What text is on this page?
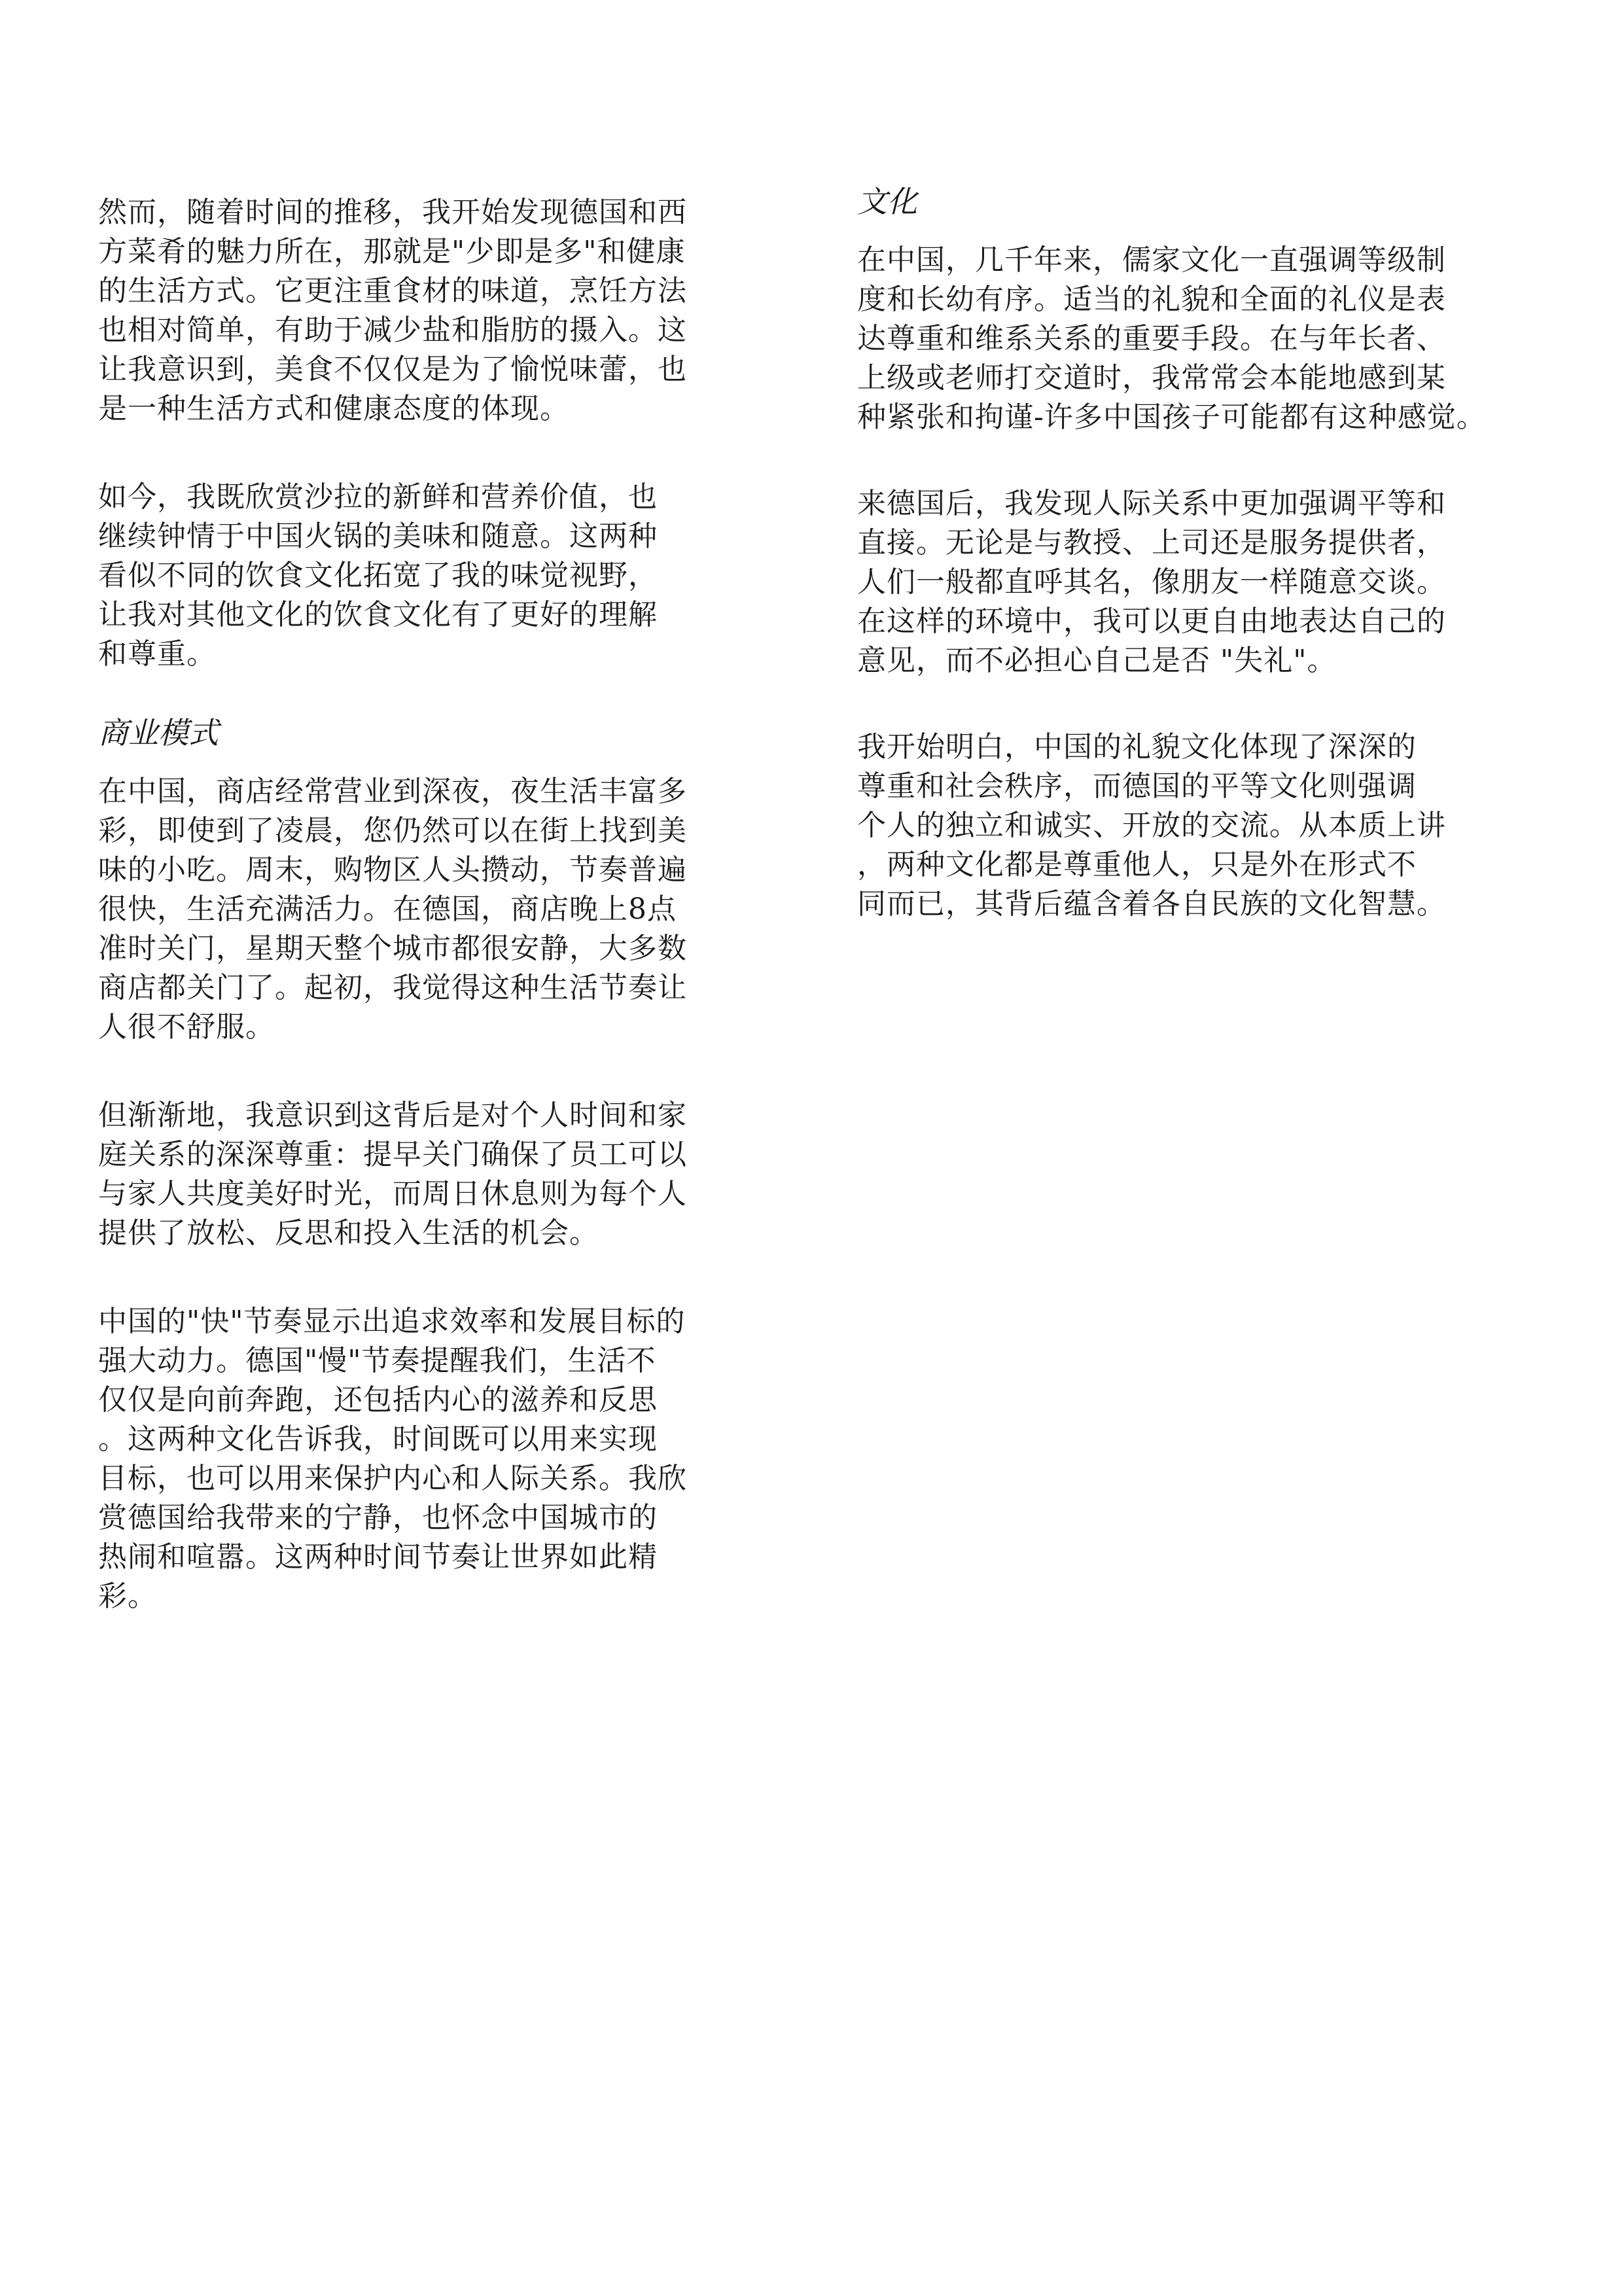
然而，随着时间的推移，我开始发现德国和西
方菜肴的魅力所在，那就是"少即是多"和健康
的生活方式。它更注重食材的味道，烹饪方法
也相对简单，有助于减少盐和脂肪的摄入。这
让我意识到，美食不仅仅是为了愉悦味蕾，也
是一种生活方式和健康态度的体现。
如今，我既欣赏沙拉的新鲜和营养价值，也
继续钟情于中国火锅的美味和随意。这两种
看似不同的饮食文化拓宽了我的味觉视野，
让我对其他文化的饮食文化有了更好的理解
和尊重。
商业模式
在中国，商店经常营业到深夜，夜生活丰富多
彩，即使到了凌晨，您仍然可以在街上找到美
味的小吃。周末，购物区人头攒动，节奏普遍
很快，生活充满活力。在德国，商店晚上8点
准时关门，星期天整个城市都很安静，大多数
商店都关门了。起初，我觉得这种生活节奏让
人很不舒服。
但渐渐地，我意识到这背后是对个人时间和家
庭关系的深深尊重：提早关门确保了员工可以
与家人共度美好时光，而周日休息则为每个人
提供了放松、反思和投入生活的机会。
中国的"快"节奏显示出追求效率和发展目标的
强大动力。德国"慢"节奏提醒我们，生活不
仅仅是向前奔跑，还包括内心的滋养和反思
。这两种文化告诉我，时间既可以用来实现
目标，也可以用来保护内心和人际关系。我欣
赏德国给我带来的宁静，也怀念中国城市的
热闹和喧嚣。这两种时间节奏让世界如此精
彩。
文化
在中国，几千年来，儒家文化一直强调等级制
度和长幼有序。适当的礼貌和全面的礼仪是表
达尊重和维系关系的重要手段。在与年长者、
上级或老师打交道时，我常常会本能地感到某
种紧张和拘谨-许多中国孩子可能都有这种感觉。
来德国后，我发现人际关系中更加强调平等和
直接。无论是与教授、上司还是服务提供者，
人们一般都直呼其名，像朋友一样随意交谈。
在这样的环境中，我可以更自由地表达自己的
意见，而不必担心自己是否 "失礼"。
我开始明白，中国的礼貌文化体现了深深的
尊重和社会秩序，而德国的平等文化则强调
个人的独立和诚实、开放的交流。从本质上讲
，两种文化都是尊重他人，只是外在形式不
同而已，其背后蕴含着各自民族的文化智慧。
